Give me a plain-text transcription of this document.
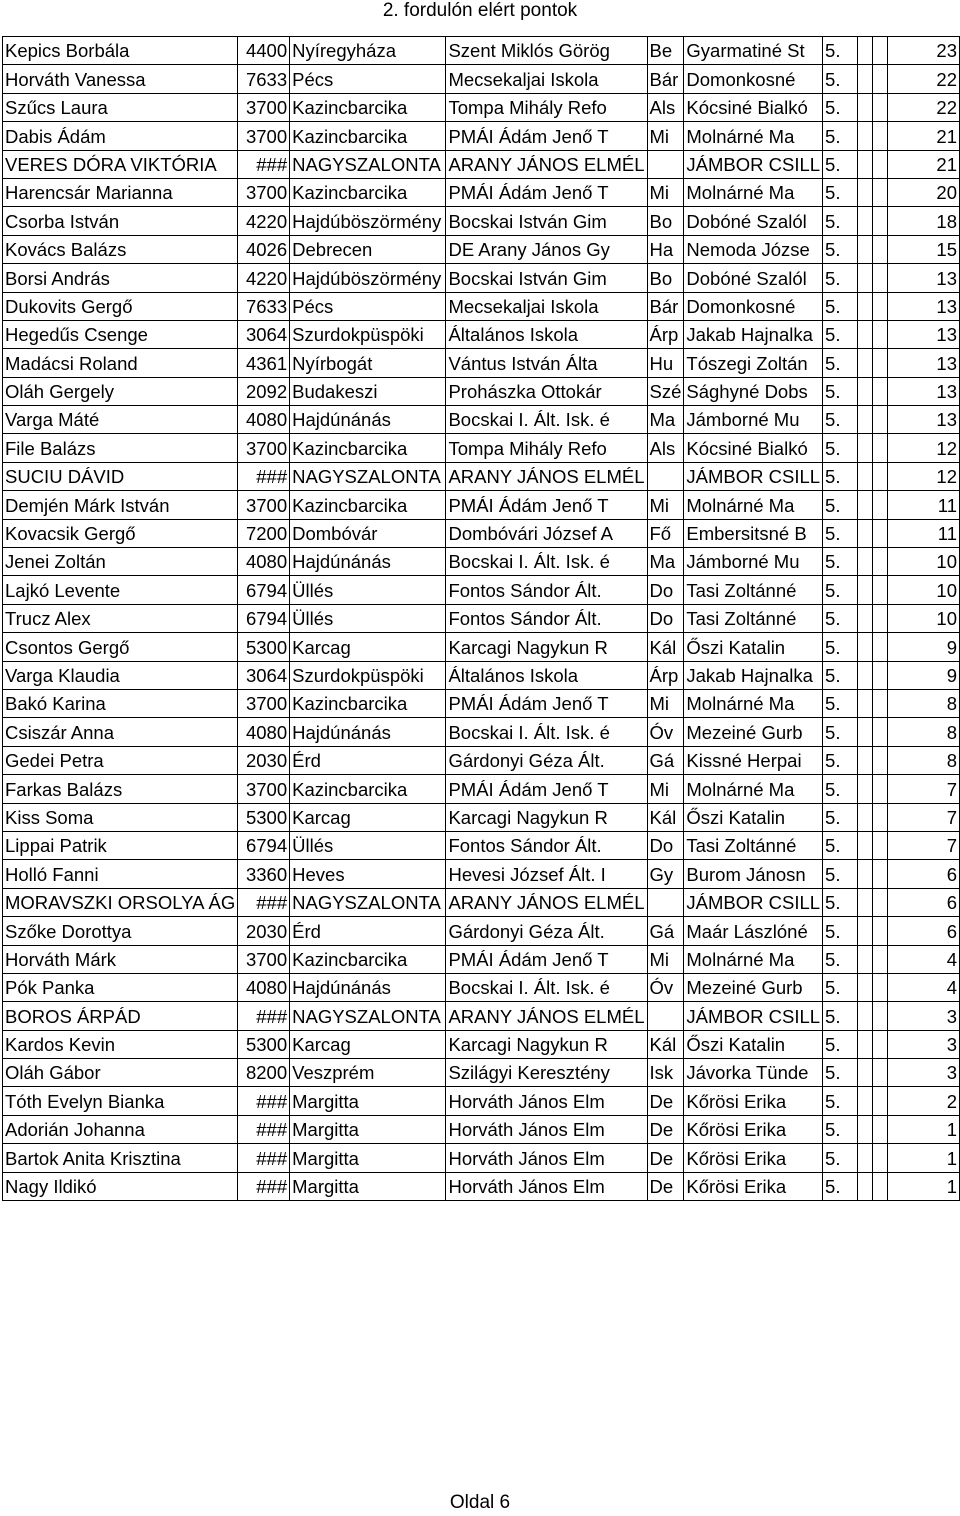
2. fordulón elért pontok
Kepics Borbála	4400	Nyíregyháza	Szent Miklós Görög	Be	Gyarmatiné St	5.			23
Horváth Vanessa	7633	Pécs	Mecsekaljai Iskola	Bár	Domonkosné	5.			22
Szűcs Laura	3700	Kazincbarcika	Tompa Mihály Refo	Als	Kócsiné Bialkó	5.			22
Dabis Ádám	3700	Kazincbarcika	PMÁI Ádám Jenő T	Mi	Molnárné Ma	5.			21
VERES DÓRA VIKTÓRIA	###	NAGYSZALONTA	ARANY JÁNOS ELMÉL		JÁMBOR CSILL	5.			21
Harencsár Marianna	3700	Kazincbarcika	PMÁI Ádám Jenő T	Mi	Molnárné Ma	5.			20
Csorba István	4220	Hajdúböszörmény	Bocskai István Gim	Bo	Dobóné Szalól	5.			18
Kovács Balázs	4026	Debrecen	DE Arany János Gy	Ha	Nemoda Józse	5.			15
Borsi András	4220	Hajdúböszörmény	Bocskai István Gim	Bo	Dobóné Szalól	5.			13
Dukovits Gergő	7633	Pécs	Mecsekaljai Iskola	Bár	Domonkosné	5.			13
Hegedűs Csenge	3064	Szurdokpüspöki	Általános Iskola	Árp	Jakab Hajnalka	5.			13
Madácsi Roland	4361	Nyírbogát	Vántus István Álta	Hu	Tószegi Zoltán	5.			13
Oláh Gergely	2092	Budakeszi	Prohászka Ottokár	Szé	Sághyné Dobs	5.			13
Varga Máté	4080	Hajdúnánás	Bocskai I. Ált. Isk. é	Ma	Jámborné Mu	5.			13
File Balázs	3700	Kazincbarcika	Tompa Mihály Refo	Als	Kócsiné Bialkó	5.			12
SUCIU DÁVID	###	NAGYSZALONTA	ARANY JÁNOS ELMÉL		JÁMBOR CSILL	5.			12
Demjén Márk István	3700	Kazincbarcika	PMÁI Ádám Jenő T	Mi	Molnárné Ma	5.			11
Kovacsik Gergő	7200	Dombóvár	Dombóvári József A	Fő	Embersitsné B	5.			11
Jenei Zoltán	4080	Hajdúnánás	Bocskai I. Ált. Isk. é	Ma	Jámborné Mu	5.			10
Lajkó Levente	6794	Üllés	Fontos Sándor Ált.	Do	Tasi Zoltánné	5.			10
Trucz Alex	6794	Üllés	Fontos Sándor Ált.	Do	Tasi Zoltánné	5.			10
Csontos Gergő	5300	Karcag	Karcagi Nagykun R	Kál	Őszi Katalin	5.			9
Varga Klaudia	3064	Szurdokpüspöki	Általános Iskola	Árp	Jakab Hajnalka	5.			9
Bakó Karina	3700	Kazincbarcika	PMÁI Ádám Jenő T	Mi	Molnárné Ma	5.			8
Csiszár Anna	4080	Hajdúnánás	Bocskai I. Ált. Isk. é	Óv	Mezeiné Gurb	5.			8
Gedei Petra	2030	Érd	Gárdonyi Géza Ált.	Gá	Kissné Herpai	5.			8
Farkas Balázs	3700	Kazincbarcika	PMÁI Ádám Jenő T	Mi	Molnárné Ma	5.			7
Kiss Soma	5300	Karcag	Karcagi Nagykun R	Kál	Őszi Katalin	5.			7
Lippai Patrik	6794	Üllés	Fontos Sándor Ált.	Do	Tasi Zoltánné	5.			7
Holló Fanni	3360	Heves	Hevesi József Ált. I	Gy	Burom Jánosn	5.			6
MORAVSZKI ORSOLYA ÁG	###	NAGYSZALONTA	ARANY JÁNOS ELMÉL		JÁMBOR CSILL	5.			6
Szőke Dorottya	2030	Érd	Gárdonyi Géza Ált.	Gá	Maár Lászlóné	5.			6
Horváth Márk	3700	Kazincbarcika	PMÁI Ádám Jenő T	Mi	Molnárné Ma	5.			4
Pók Panka	4080	Hajdúnánás	Bocskai I. Ált. Isk. é	Óv	Mezeiné Gurb	5.			4
BOROS ÁRPÁD	###	NAGYSZALONTA	ARANY JÁNOS ELMÉL		JÁMBOR CSILL	5.			3
Kardos Kevin	5300	Karcag	Karcagi Nagykun R	Kál	Őszi Katalin	5.			3
Oláh Gábor	8200	Veszprém	Szilágyi Keresztény	Isk	Jávorka Tünde	5.			3
Tóth Evelyn Bianka	###	Margitta	Horváth János Elm	De	Kőrösi Erika	5.			2
Adorián Johanna	###	Margitta	Horváth János Elm	De	Kőrösi Erika	5.			1
Bartok Anita Krisztina	###	Margitta	Horváth János Elm	De	Kőrösi Erika	5.			1
Nagy Ildikó	###	Margitta	Horváth János Elm	De	Kőrösi Erika	5.			1
Oldal 6
